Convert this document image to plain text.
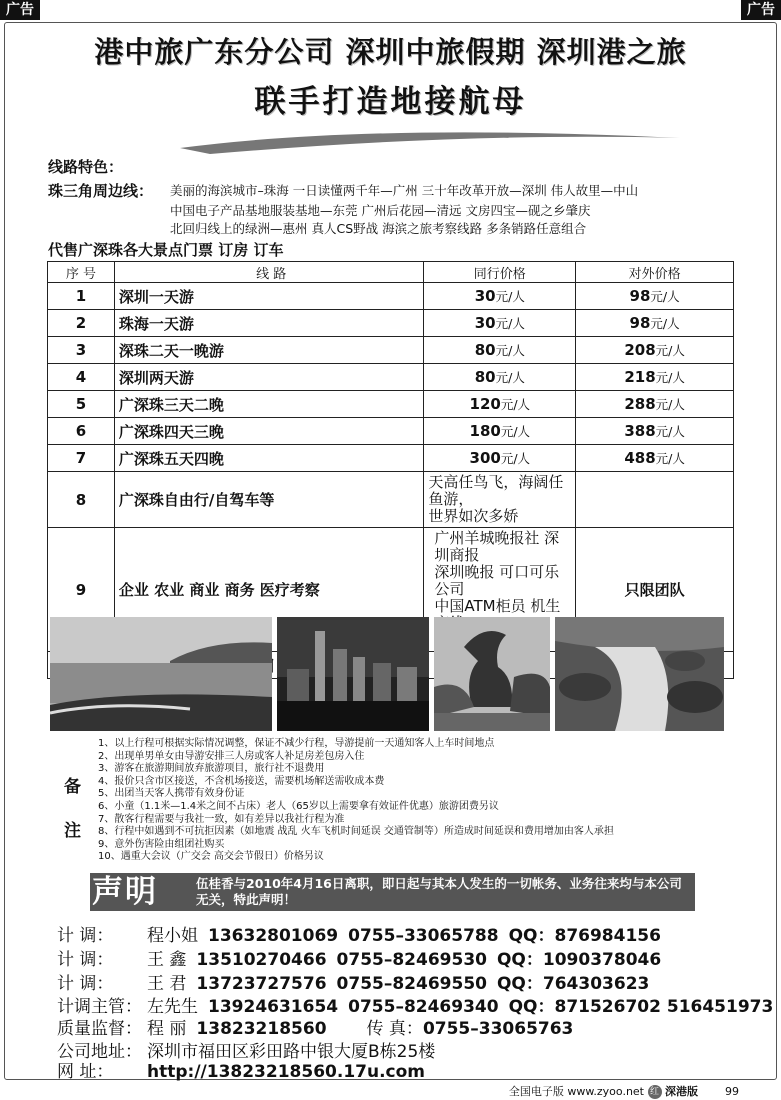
广告	广告
港中旅广东分公司 深圳中旅假期 深圳港之旅
联手打造地接航母
线路特色：
珠三角周边线： 美丽的海滨城市–珠海 一日读懂两千年—广州 三十年改革开放—深圳 伟人故里—中山
中国电子产品基地服装基地—东莞 广州后花园—清远 文房四宝—砚之乡肇庆
北回归线上的绿洲—惠州 真人CS野战 海滨之旅考察线路 多条销路任意组合
代售广深珠各大景点门票 订房 订车
序 号	线 路	同行价格	对外价格
1	深圳一天游	30元/人	98元/人
2	珠海一天游	30元/人	98元/人
3	深珠二天一晚游	80元/人	208元/人
4	深圳两天游	80元/人	218元/人
5	广深珠三天二晚	120元/人	288元/人
6	广深珠四天三晚	180元/人	388元/人
7	广深珠五天四晚	300元/人	488元/人
8	广深珠自由行/自驾车等	天高任鸟飞，海阔任鱼游，
世界如次多娇	

9	企业 农业 商业 商务 医疗考察	广州羊城晚报社 深圳商报
深圳晚报 可口可乐公司
中国ATM柜员 机生	只限团队

备
注
1、以上行程可根据实际情况调整，保证不减少行程，导游提前一天通知客人上车时间地点
2、出现单男单女由导游安排三人房或客人补足房差包房入住
3、游客在旅游期间放弃旅游项目，旅行社不退费用
4、报价只含市区接送，不含机场接送，需要机场解送需收成本费
5、出团当天客人携带有效身份证
6、小童（1.1米—1.4米之间不占床）老人（65岁以上需要拿有效证件优惠）旅游团费另议
7、散客行程需要与我社一致，如有差异以我社行程为准
8、行程中如遇到不可抗拒因素（如地震 战乱 火车飞机时间延误 交通管制等）所造成时间延误和费用增加由客人承担
9、意外伤害险由组团社购买
10、遇重大会议（广交会 高交会节假日）价格另议
声明	伍桂香与2010年4月16日离职，即日起与其本人发生的一切帐务、业务往来均与本公司无关，特此声明！
计 调： 程小姐 13632801069 0755–33065788 QQ：876984156
计 调： 王 鑫 13510270466 0755–82469530 QQ：1090378046
计 调： 王 君 13723727576 0755–82469550 QQ：764303623
计调主管： 左先生 13924631654 0755–82469340 QQ：871526702 516451973
质量监督： 程 丽 13823218560 传 真：0755–33065763
公司地址： 深圳市福田区彩田路中银大厦B栋25楼
网 址： http://13823218560.17u.com
全国电子版 www.zyoo.net 红 深港版 99
